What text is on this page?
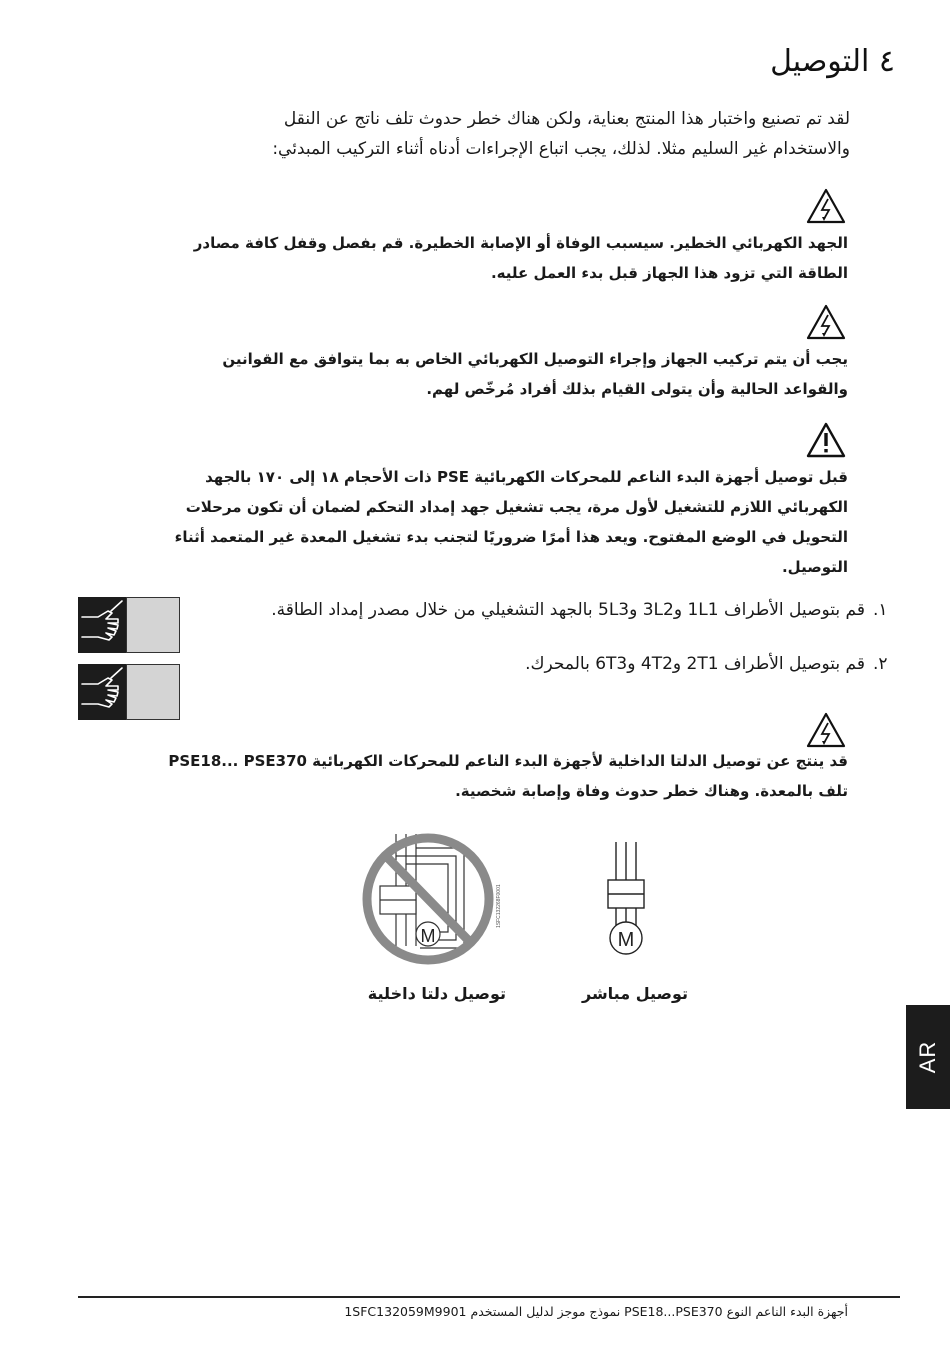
٤ التوصيل
لقد تم تصنيع واختبار هذا المنتج بعناية، ولكن هناك خطر حدوث تلف ناتج عن النقل والاستخدام غير السليم مثلا. لذلك، يجب اتباع الإجراءات أدناه أثناء التركيب المبدئي:
الجهد الكهربائي الخطير. سيسبب الوفاة أو الإصابة الخطيرة. قم بفصل وقفل كافة مصادر الطاقة التي تزود هذا الجهاز قبل بدء العمل عليه.
يجب أن يتم تركيب الجهاز وإجراء التوصيل الكهربائي الخاص به بما يتوافق مع القوانين والقواعد الحالية وأن يتولى القيام بذلك أفراد مُرخّص لهم.
قبل توصيل أجهزة البدء الناعم للمحركات الكهربائية PSE ذات الأحجام ١٨ إلى ١٧٠ بالجهد الكهربائي اللازم للتشغيل لأول مرة، يجب تشغيل جهد إمداد التحكم لضمان أن تكون مرحلات التحويل في الوضع المفتوح. ويعد هذا أمرًا ضروريًا لتجنب بدء تشغيل المعدة غير المتعمد أثناء التوصيل.
١.
قم بتوصيل الأطراف 1L1 و3L2 و5L3 بالجهد التشغيلي من خلال مصدر إمداد الطاقة.
٢.
قم بتوصيل الأطراف 2T1 و4T2 و6T3 بالمحرك.
قد ينتج عن توصيل الدلتا الداخلية لأجهزة البدء الناعم للمحركات الكهربائية PSE18... PSE370 تلف بالمعدة. وهناك خطر حدوث وفاة وإصابة شخصية.
M
توصيل مباشر
M
1SFC132268F0001
توصيل دلتا داخلية
AR
أجهزة البدء الناعم النوع PSE18...PSE370 نموذج موجز لدليل المستخدم 1SFC132059M9901
